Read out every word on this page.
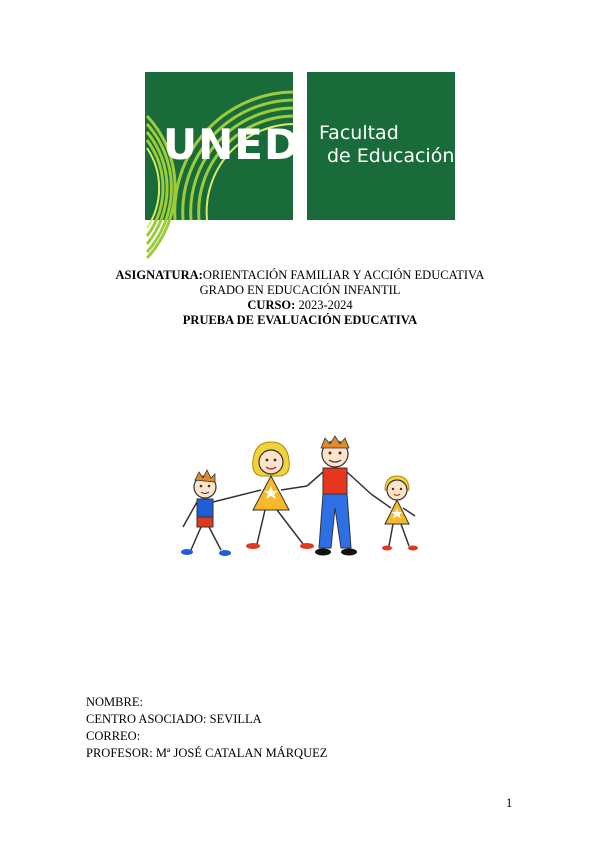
UNED Facultad
de Educación
ASIGNATURA:ORIENTACIÓN FAMILIAR Y ACCIÓN EDUCATIVA
GRADO EN EDUCACIÓN INFANTIL
CURSO: 2023-2024
PRUEBA DE EVALUACIÓN EDUCATIVA
NOMBRE:
CENTRO ASOCIADO: SEVILLA
CORREO:
PROFESOR: Mª JOSÉ CATALAN MÁRQUEZ
1
